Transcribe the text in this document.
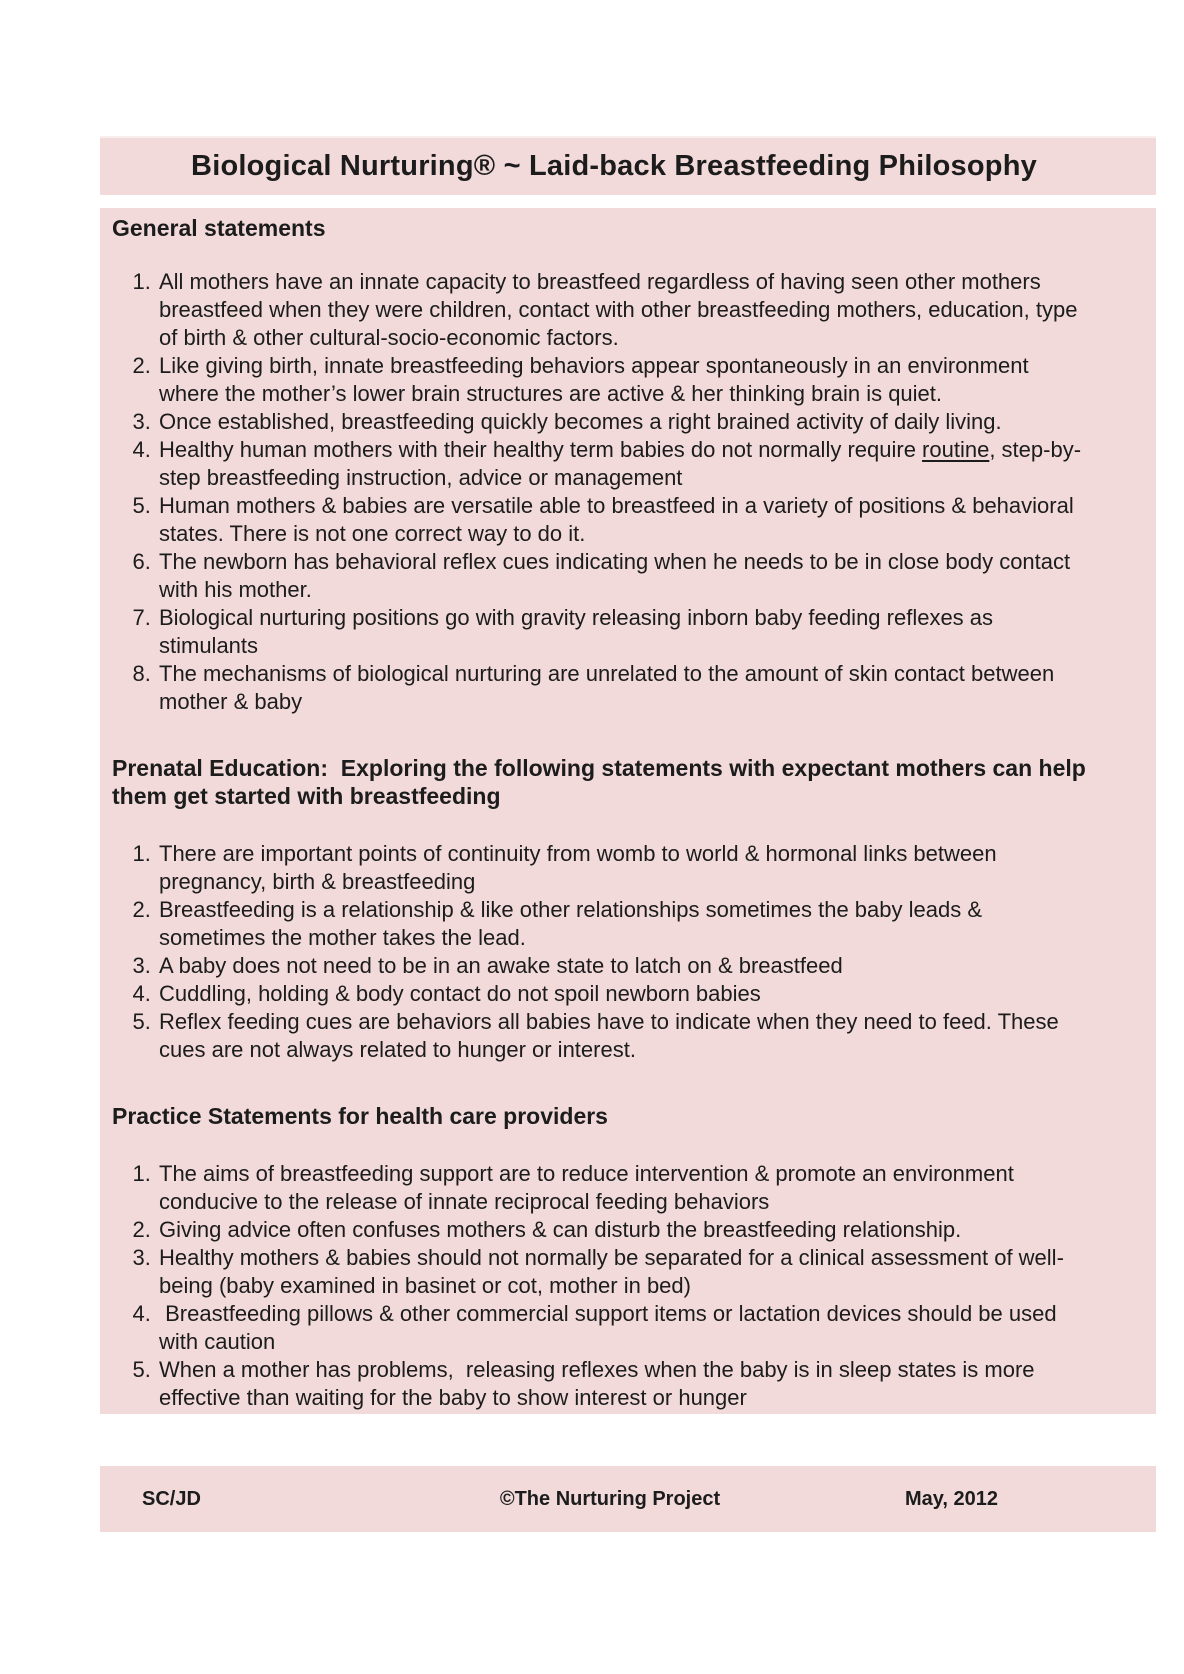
Biological Nurturing® ~ Laid-back Breastfeeding Philosophy
General statements
1. All mothers have an innate capacity to breastfeed regardless of having seen other mothers breastfeed when they were children, contact with other breastfeeding mothers, education, type of birth & other cultural-socio-economic factors.
2. Like giving birth, innate breastfeeding behaviors appear spontaneously in an environment where the mother’s lower brain structures are active & her thinking brain is quiet.
3. Once established, breastfeeding quickly becomes a right brained activity of daily living.
4. Healthy human mothers with their healthy term babies do not normally require routine, step-by-step breastfeeding instruction, advice or management
5. Human mothers & babies are versatile able to breastfeed in a variety of positions & behavioral states. There is not one correct way to do it.
6. The newborn has behavioral reflex cues indicating when he needs to be in close body contact with his mother.
7. Biological nurturing positions go with gravity releasing inborn baby feeding reflexes as stimulants
8. The mechanisms of biological nurturing are unrelated to the amount of skin contact between mother & baby
Prenatal Education:  Exploring the following statements with expectant mothers can help them get started with breastfeeding
1. There are important points of continuity from womb to world & hormonal links between pregnancy, birth & breastfeeding
2. Breastfeeding is a relationship & like other relationships sometimes the baby leads & sometimes the mother takes the lead.
3. A baby does not need to be in an awake state to latch on & breastfeed
4. Cuddling, holding & body contact do not spoil newborn babies
5. Reflex feeding cues are behaviors all babies have to indicate when they need to feed. These cues are not always related to hunger or interest.
Practice Statements for health care providers
1. The aims of breastfeeding support are to reduce intervention & promote an environment conducive to the release of innate reciprocal feeding behaviors
2. Giving advice often confuses mothers & can disturb the breastfeeding relationship.
3. Healthy mothers & babies should not normally be separated for a clinical assessment of well-being (baby examined in basinet or cot, mother in bed)
4.  Breastfeeding pillows & other commercial support items or lactation devices should be used with caution
5. When a mother has problems,  releasing reflexes when the baby is in sleep states is more effective than waiting for the baby to show interest or hunger
SC/JD	©The Nurturing Project	May, 2012
